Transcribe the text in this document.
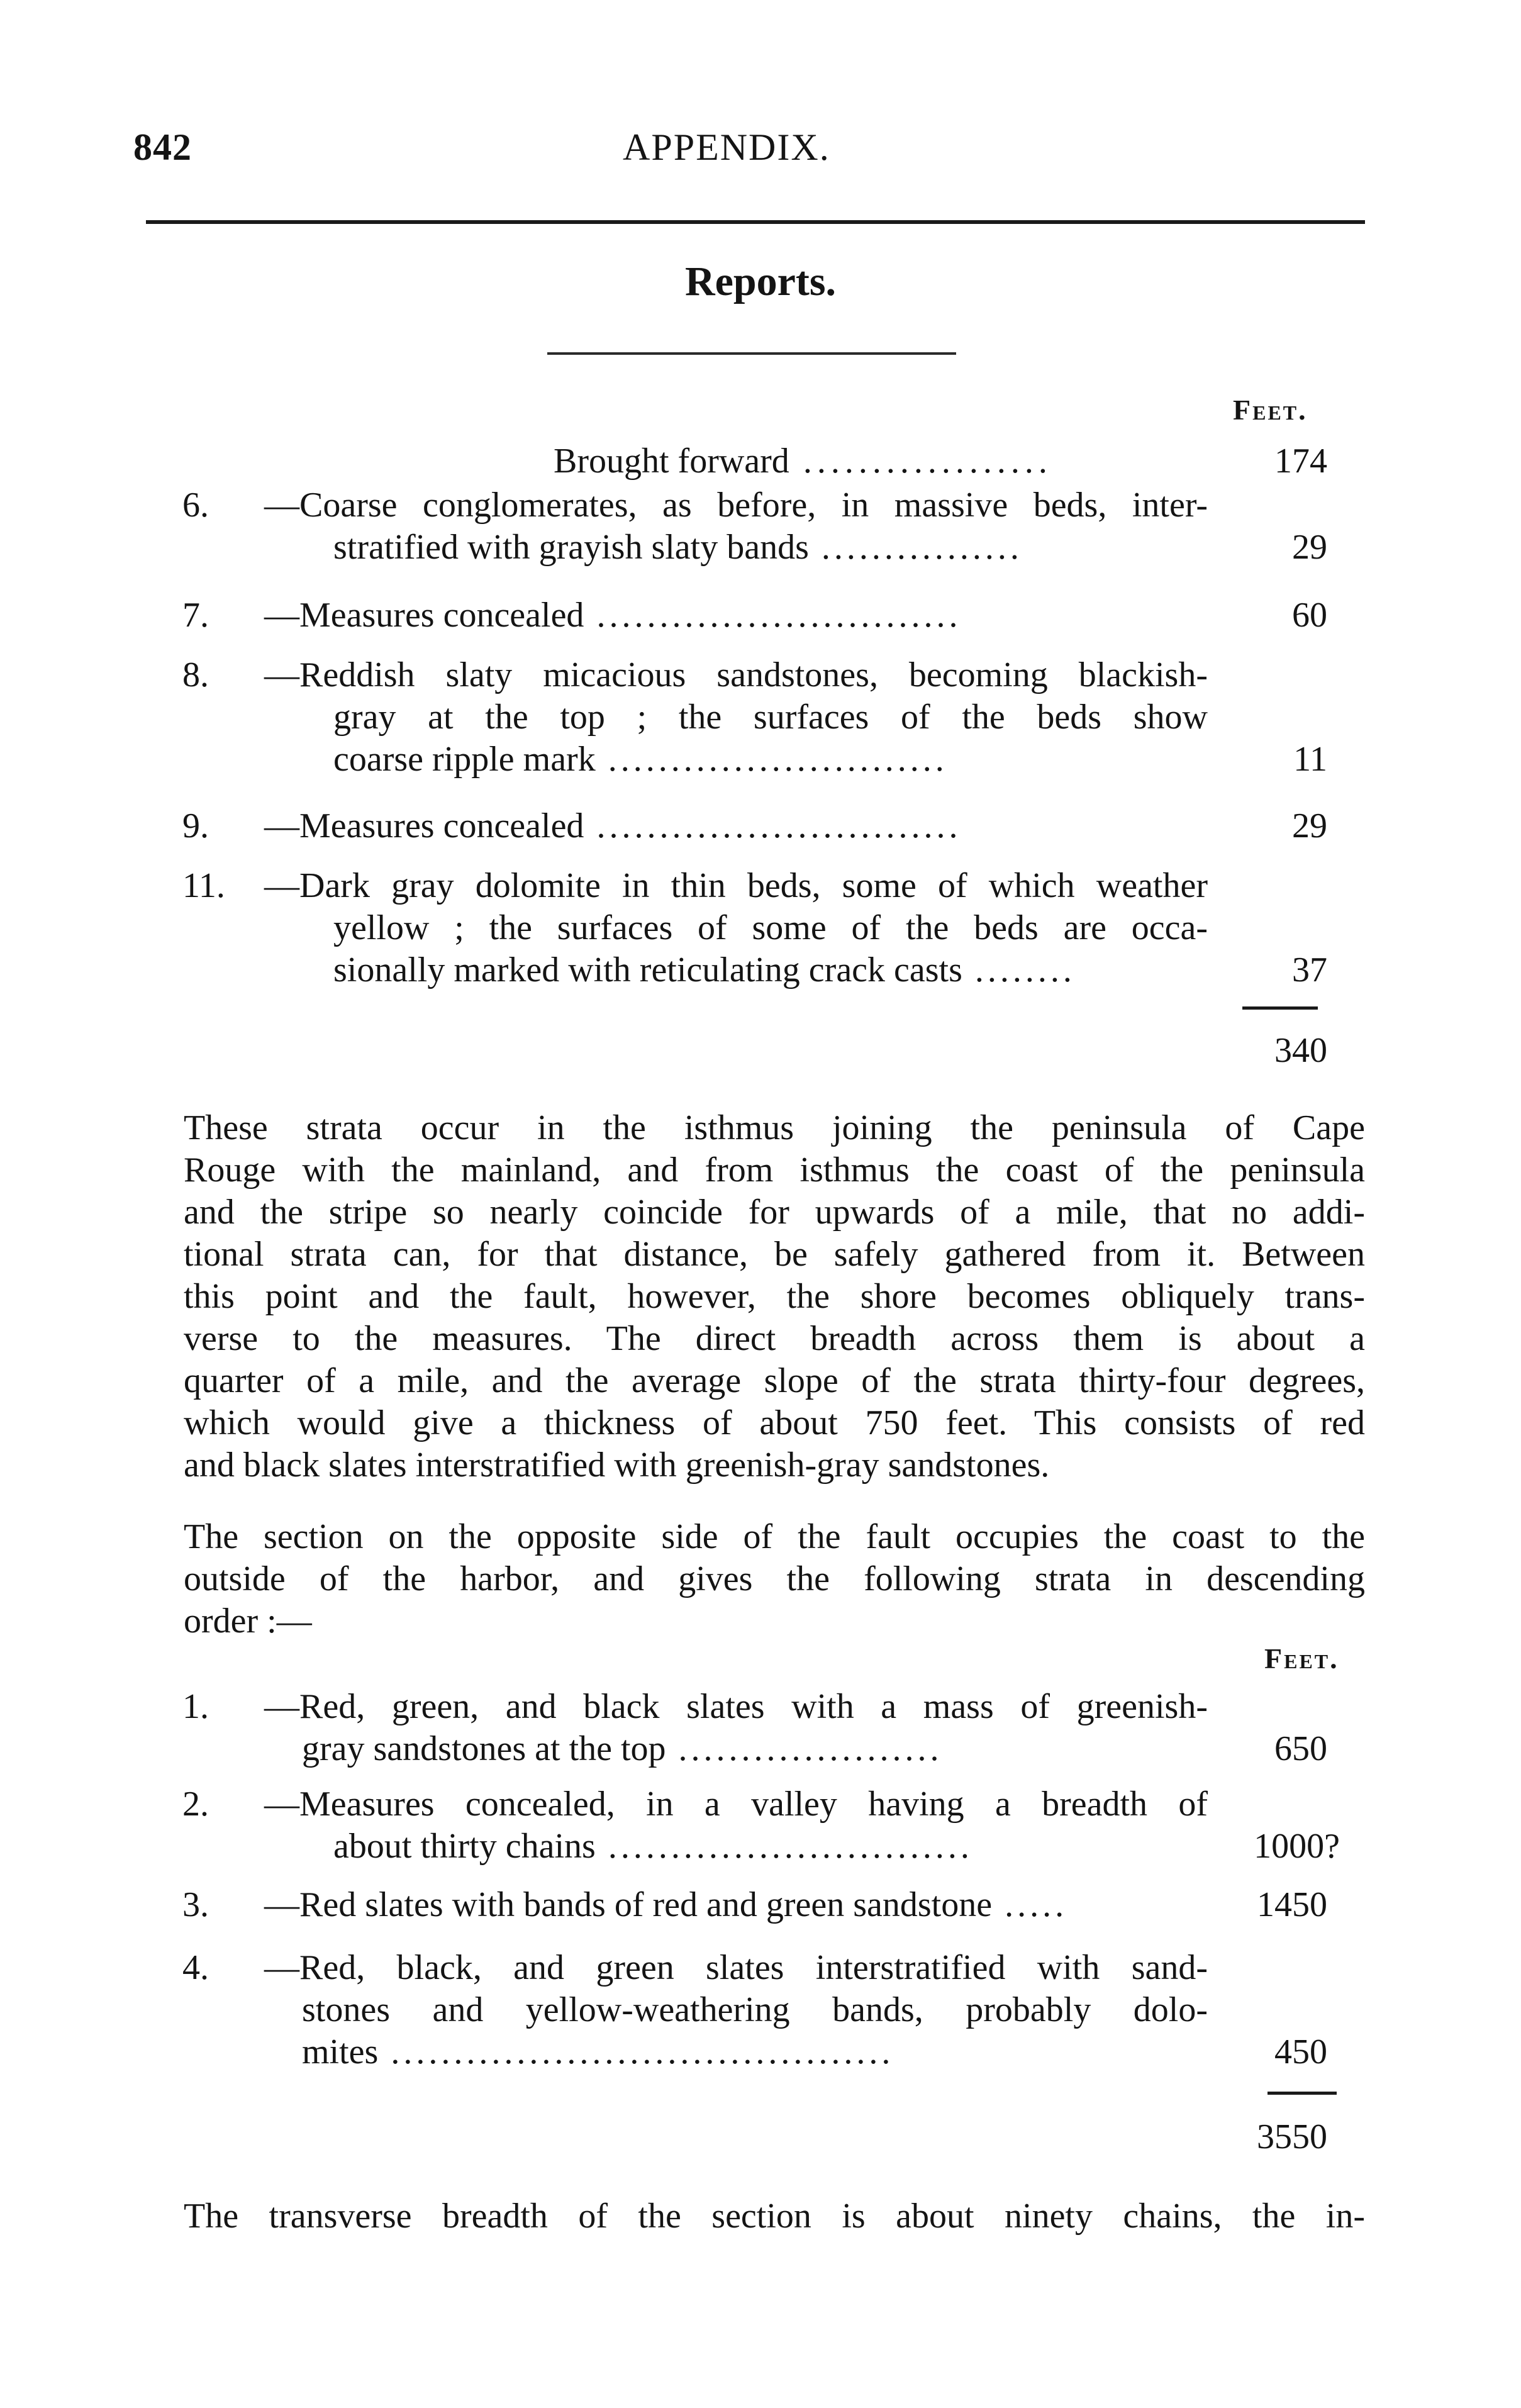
842	APPENDIX.
Reports.
Feet.
Brought forward ..................	174
6. —Coarse conglomerates, as before, in massive beds, inter-
stratified with grayish slaty bands ................	29
7. —Measures concealed .............................	60
8. —Reddish slaty micacious sandstones, becoming blackish-
gray at the top ; the surfaces of the beds show
coarse ripple mark ...........................	11
9. —Measures concealed .............................	29
11. —Dark gray dolomite in thin beds, some of which weather
yellow ; the surfaces of some of the beds are occa-
sionally marked with reticulating crack casts ........	37
340
These strata occur in the isthmus joining the peninsula of Cape
Rouge with the mainland, and from isthmus the coast of the peninsula
and the stripe so nearly coincide for upwards of a mile, that no addi-
tional strata can, for that distance, be safely gathered from it. Between
this point and the fault, however, the shore becomes obliquely trans-
verse to the measures. The direct breadth across them is about a
quarter of a mile, and the average slope of the strata thirty-four degrees,
which would give a thickness of about 750 feet. This consists of red
and black slates interstratified with greenish-gray sandstones.
The section on the opposite side of the fault occupies the coast to the
outside of the harbor, and gives the following strata in descending
order :—
Feet.
1. —Red, green, and black slates with a mass of greenish-
gray sandstones at the top .....................	650
2. —Measures concealed, in a valley having a breadth of
about thirty chains .............................	1000?
3. —Red slates with bands of red and green sandstone .....	1450
4. —Red, black, and green slates interstratified with sand-
stones and yellow-weathering bands, probably dolo-
mites ........................................	450
3550
The transverse breadth of the section is about ninety chains, the in-
